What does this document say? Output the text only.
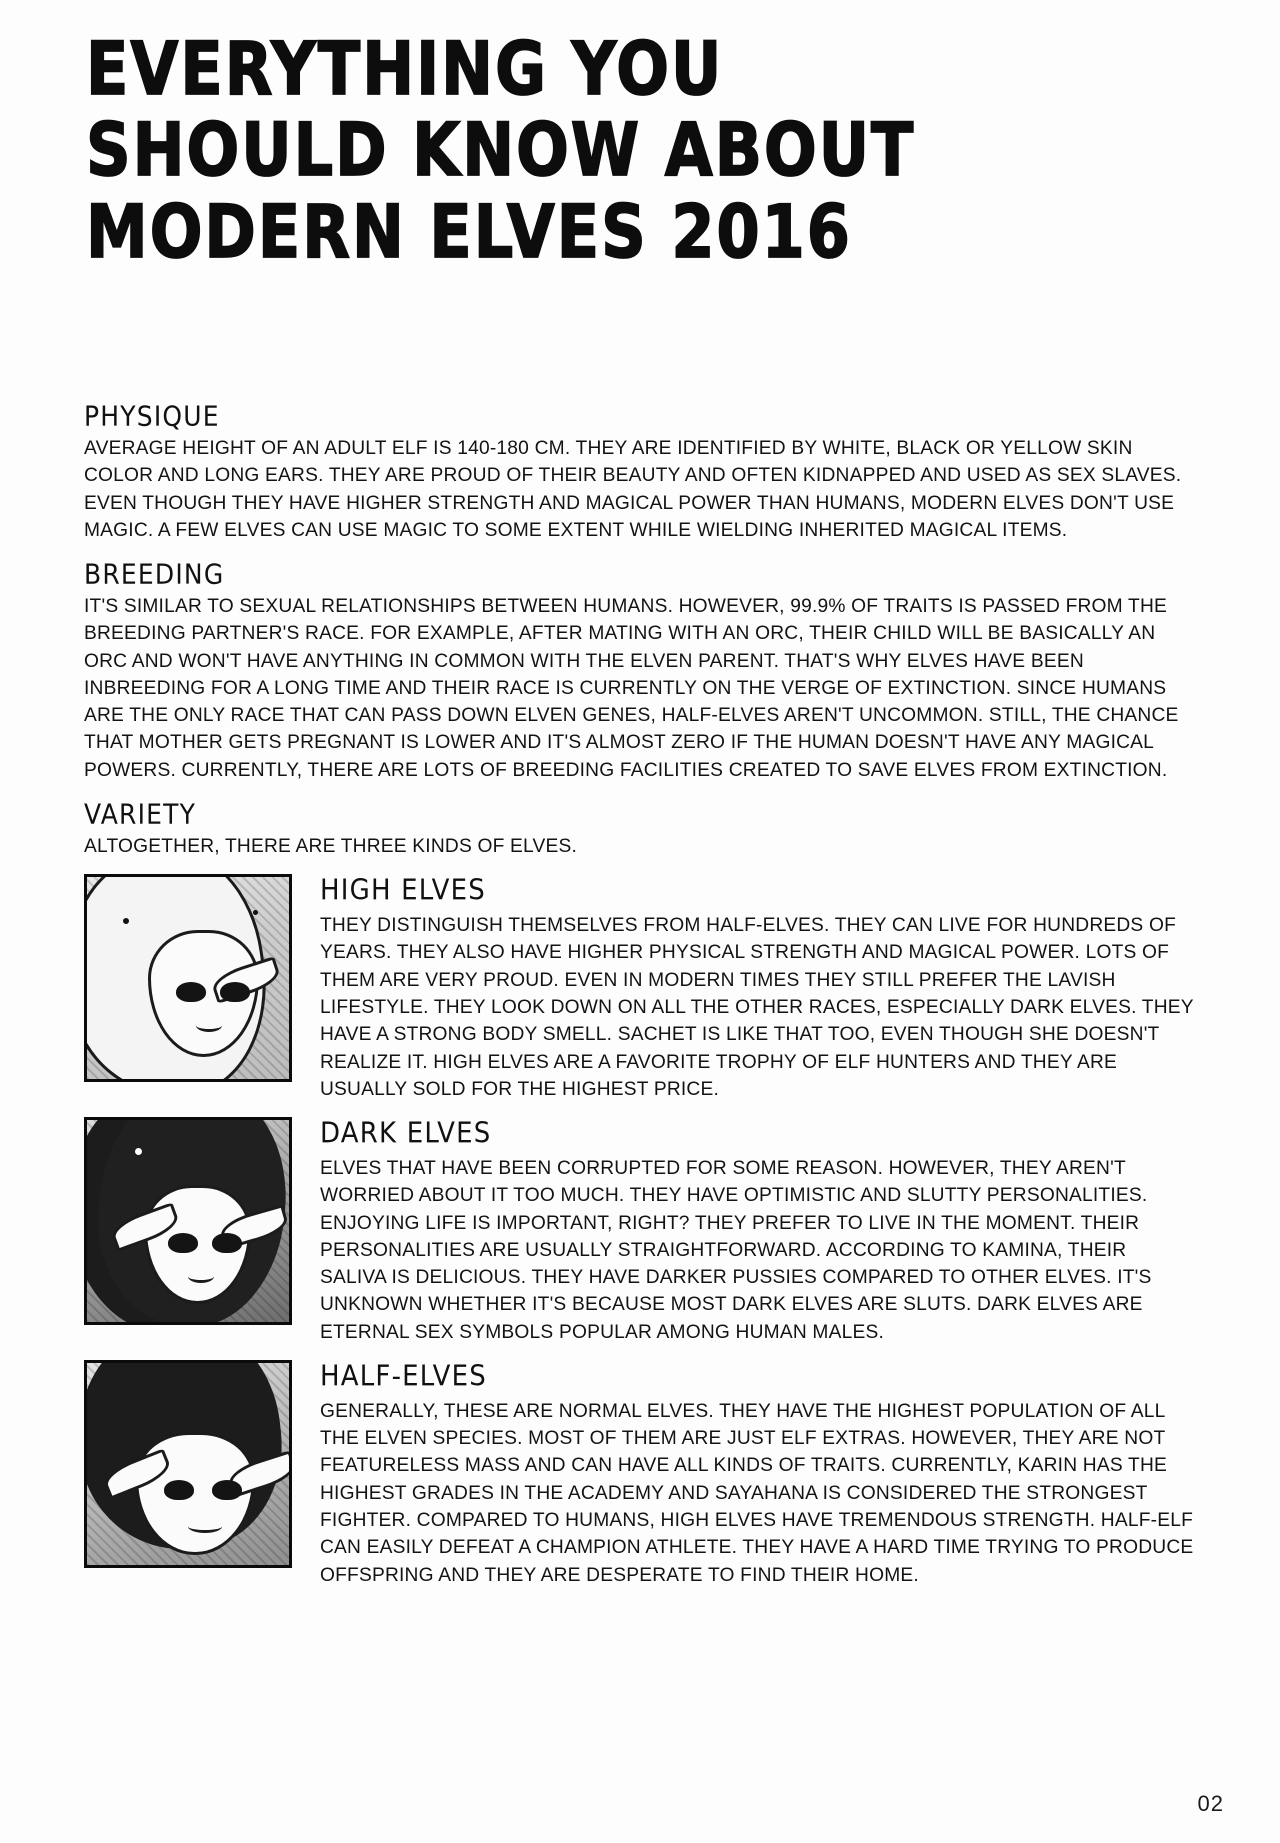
EVERYTHING YOU
SHOULD KNOW ABOUT
MODERN ELVES 2016
PHYSIQUE

AVERAGE HEIGHT OF AN ADULT ELF IS 140-180 CM. THEY ARE IDENTIFIED BY WHITE, BLACK OR YELLOW SKIN COLOR AND LONG EARS. THEY ARE PROUD OF THEIR BEAUTY AND OFTEN KIDNAPPED AND USED AS SEX SLAVES. EVEN THOUGH THEY HAVE HIGHER STRENGTH AND MAGICAL POWER THAN HUMANS, MODERN ELVES DON'T USE MAGIC. A FEW ELVES CAN USE MAGIC TO SOME EXTENT WHILE WIELDING INHERITED MAGICAL ITEMS.

BREEDING

IT'S SIMILAR TO SEXUAL RELATIONSHIPS BETWEEN HUMANS. HOWEVER, 99.9% OF TRAITS IS PASSED FROM THE BREEDING PARTNER'S RACE. FOR EXAMPLE, AFTER MATING WITH AN ORC, THEIR CHILD WILL BE BASICALLY AN ORC AND WON'T HAVE ANYTHING IN COMMON WITH THE ELVEN PARENT. THAT'S WHY ELVES HAVE BEEN INBREEDING FOR A LONG TIME AND THEIR RACE IS CURRENTLY ON THE VERGE OF EXTINCTION. SINCE HUMANS ARE THE ONLY RACE THAT CAN PASS DOWN ELVEN GENES, HALF-ELVES AREN'T UNCOMMON. STILL, THE CHANCE THAT MOTHER GETS PREGNANT IS LOWER AND IT'S ALMOST ZERO IF THE HUMAN DOESN'T HAVE ANY MAGICAL POWERS. CURRENTLY, THERE ARE LOTS OF BREEDING FACILITIES CREATED TO SAVE ELVES FROM EXTINCTION.

VARIETY

ALTOGETHER, THERE ARE THREE KINDS OF ELVES.

HIGH ELVES

THEY DISTINGUISH THEMSELVES FROM HALF-ELVES. THEY CAN LIVE FOR HUNDREDS OF YEARS. THEY ALSO HAVE HIGHER PHYSICAL STRENGTH AND MAGICAL POWER. LOTS OF THEM ARE VERY PROUD. EVEN IN MODERN TIMES THEY STILL PREFER THE LAVISH LIFESTYLE. THEY LOOK DOWN ON ALL THE OTHER RACES, ESPECIALLY DARK ELVES. THEY HAVE A STRONG BODY SMELL. SACHET IS LIKE THAT TOO, EVEN THOUGH SHE DOESN'T REALIZE IT. HIGH ELVES ARE A FAVORITE TROPHY OF ELF HUNTERS AND THEY ARE USUALLY SOLD FOR THE HIGHEST PRICE.

DARK ELVES

ELVES THAT HAVE BEEN CORRUPTED FOR SOME REASON. HOWEVER, THEY AREN'T WORRIED ABOUT IT TOO MUCH. THEY HAVE OPTIMISTIC AND SLUTTY PERSONALITIES. ENJOYING LIFE IS IMPORTANT, RIGHT? THEY PREFER TO LIVE IN THE MOMENT. THEIR PERSONALITIES ARE USUALLY STRAIGHTFORWARD. ACCORDING TO KAMINA, THEIR SALIVA IS DELICIOUS. THEY HAVE DARKER PUSSIES COMPARED TO OTHER ELVES. IT'S UNKNOWN WHETHER IT'S BECAUSE MOST DARK ELVES ARE SLUTS. DARK ELVES ARE ETERNAL SEX SYMBOLS POPULAR AMONG HUMAN MALES.

HALF-ELVES

GENERALLY, THESE ARE NORMAL ELVES. THEY HAVE THE HIGHEST POPULATION OF ALL THE ELVEN SPECIES. MOST OF THEM ARE JUST ELF EXTRAS. HOWEVER, THEY ARE NOT FEATURELESS MASS AND CAN HAVE ALL KINDS OF TRAITS. CURRENTLY, KARIN HAS THE HIGHEST GRADES IN THE ACADEMY AND SAYAHANA IS CONSIDERED THE STRONGEST FIGHTER. COMPARED TO HUMANS, HIGH ELVES HAVE TREMENDOUS STRENGTH. HALF-ELF CAN EASILY DEFEAT A CHAMPION ATHLETE. THEY HAVE A HARD TIME TRYING TO PRODUCE OFFSPRING AND THEY ARE DESPERATE TO FIND THEIR HOME.

02
